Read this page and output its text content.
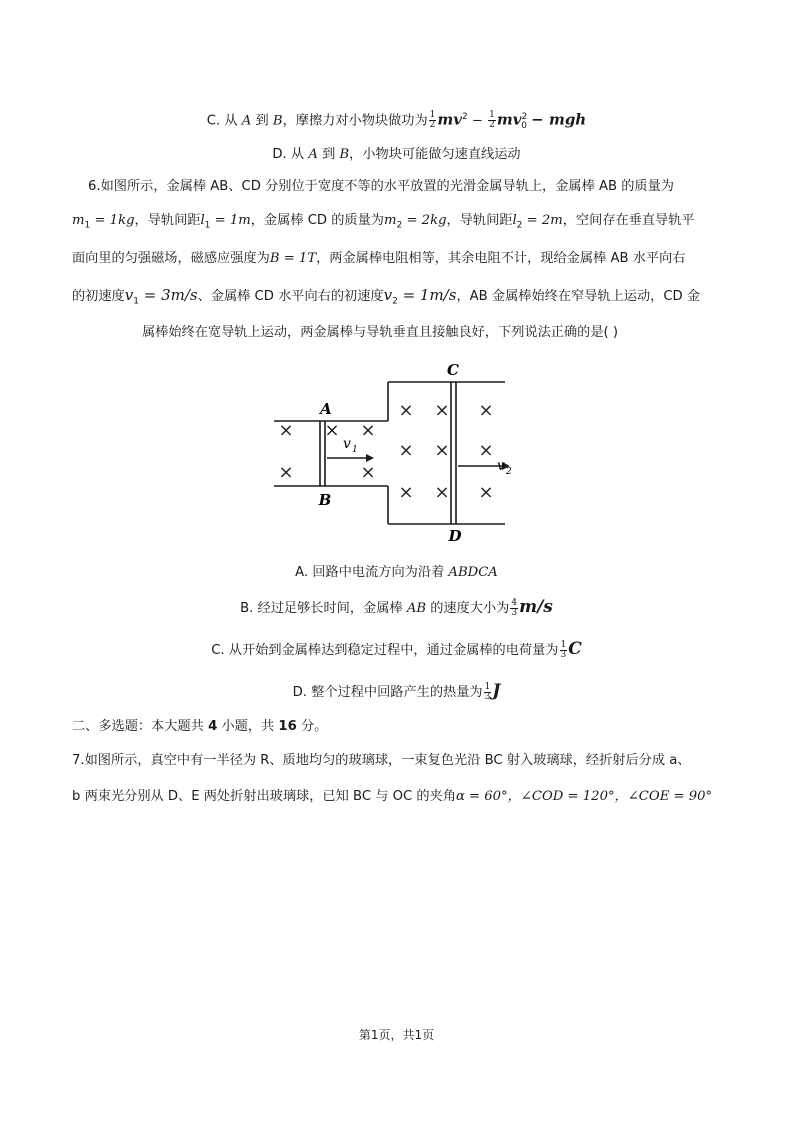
C. 从 A 到 B，摩擦力对小物块做功为 $\frac{1}{2} mv^2 - \frac{1}{2} mv^2_0$ − mgh
D. 从 A 到 B，小物块可能做匀速直线运动
6.如图所示，金属棒 AB、CD 分别位于宽度不等的水平放置的光滑金属导轨上，金属棒 AB 的质量为
$m_1 = 1kg$，导轨间距$l_1 = 1m$，金属棒 CD 的质量为$m_2 = 2kg$，导轨间距$l_2 = 2m$，空间存在垂直导轨平
面向里的匀强磁场，磁感应强度为B = 1T，两金属棒电阻相等，其余电阻不计，现给金属棒 AB 水平向右
的初速度$v_1 = 3m/s$、金属棒 CD 水平向右的初速度$v_2 = 1m/s$，AB 金属棒始终在窄导轨上运动，CD 金
属棒始终在宽导轨上运动，两金属棒与导轨垂直且接触良好，下列说法正确的是( )
×
×
×
×
×
×
×
×
×
×
×
×
×
×
A
B
C
D
v 1
v 2
A. 回路中电流方向为沿着 ABDCA
B. 经过足够长时间，金属棒 AB 的速度大小为 $\frac{4}{3} m/s$
C. 从开始到金属棒达到稳定过程中，通过金属棒的电荷量为 $\frac{1}{3}$ C
D. 整个过程中回路产生的热量为 $\frac{1}{3}$ J
二、多选题：本大题共 4 小题，共 16 分。
7.如图所示，真空中有一半径为 R、质地均匀的玻璃球，一束复色光沿 BC 射入玻璃球，经折射后分成 a、
b 两束光分别从 D、E 两处折射出玻璃球，已知 BC 与 OC 的夹角α = 60°，∠COD = 120°，∠COE = 90°
第1页，共1页
